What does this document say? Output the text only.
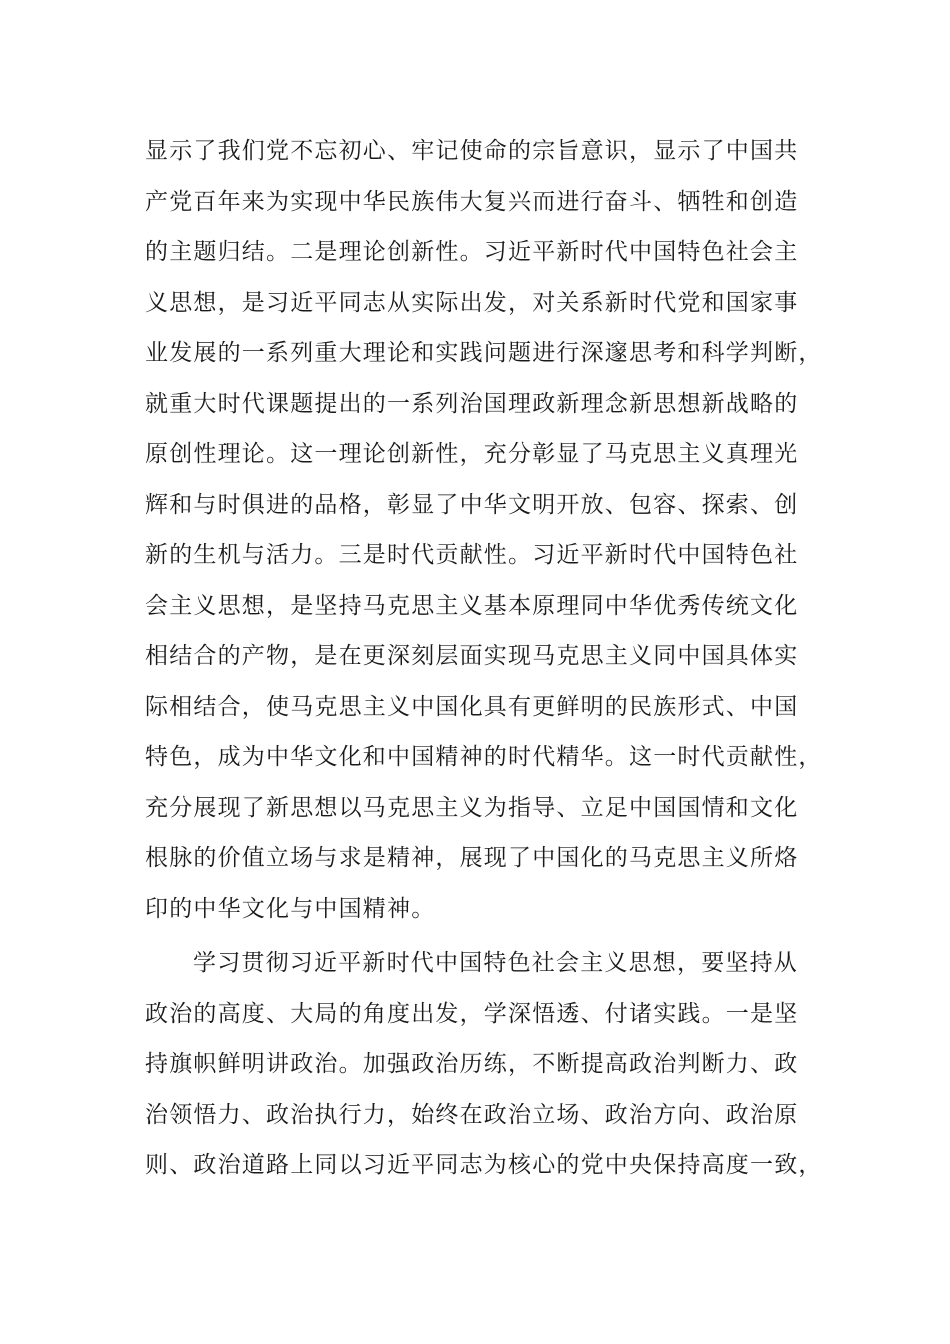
显示了我们党不忘初心、牢记使命的宗旨意识，显示了中国共
产党百年来为实现中华民族伟大复兴而进行奋斗、牺牲和创造
的主题归结。二是理论创新性。习近平新时代中国特色社会主
义思想，是习近平同志从实际出发，对关系新时代党和国家事
业发展的一系列重大理论和实践问题进行深邃思考和科学判断，
就重大时代课题提出的一系列治国理政新理念新思想新战略的
原创性理论。这一理论创新性，充分彰显了马克思主义真理光
辉和与时俱进的品格，彰显了中华文明开放、包容、探索、创
新的生机与活力。三是时代贡献性。习近平新时代中国特色社
会主义思想，是坚持马克思主义基本原理同中华优秀传统文化
相结合的产物，是在更深刻层面实现马克思主义同中国具体实
际相结合，使马克思主义中国化具有更鲜明的民族形式、中国
特色，成为中华文化和中国精神的时代精华。这一时代贡献性，
充分展现了新思想以马克思主义为指导、立足中国国情和文化
根脉的价值立场与求是精神，展现了中国化的马克思主义所烙
印的中华文化与中国精神。
学习贯彻习近平新时代中国特色社会主义思想，要坚持从
政治的高度、大局的角度出发，学深悟透、付诸实践。一是坚
持旗帜鲜明讲政治。加强政治历练，不断提高政治判断力、政
治领悟力、政治执行力，始终在政治立场、政治方向、政治原
则、政治道路上同以习近平同志为核心的党中央保持高度一致，
